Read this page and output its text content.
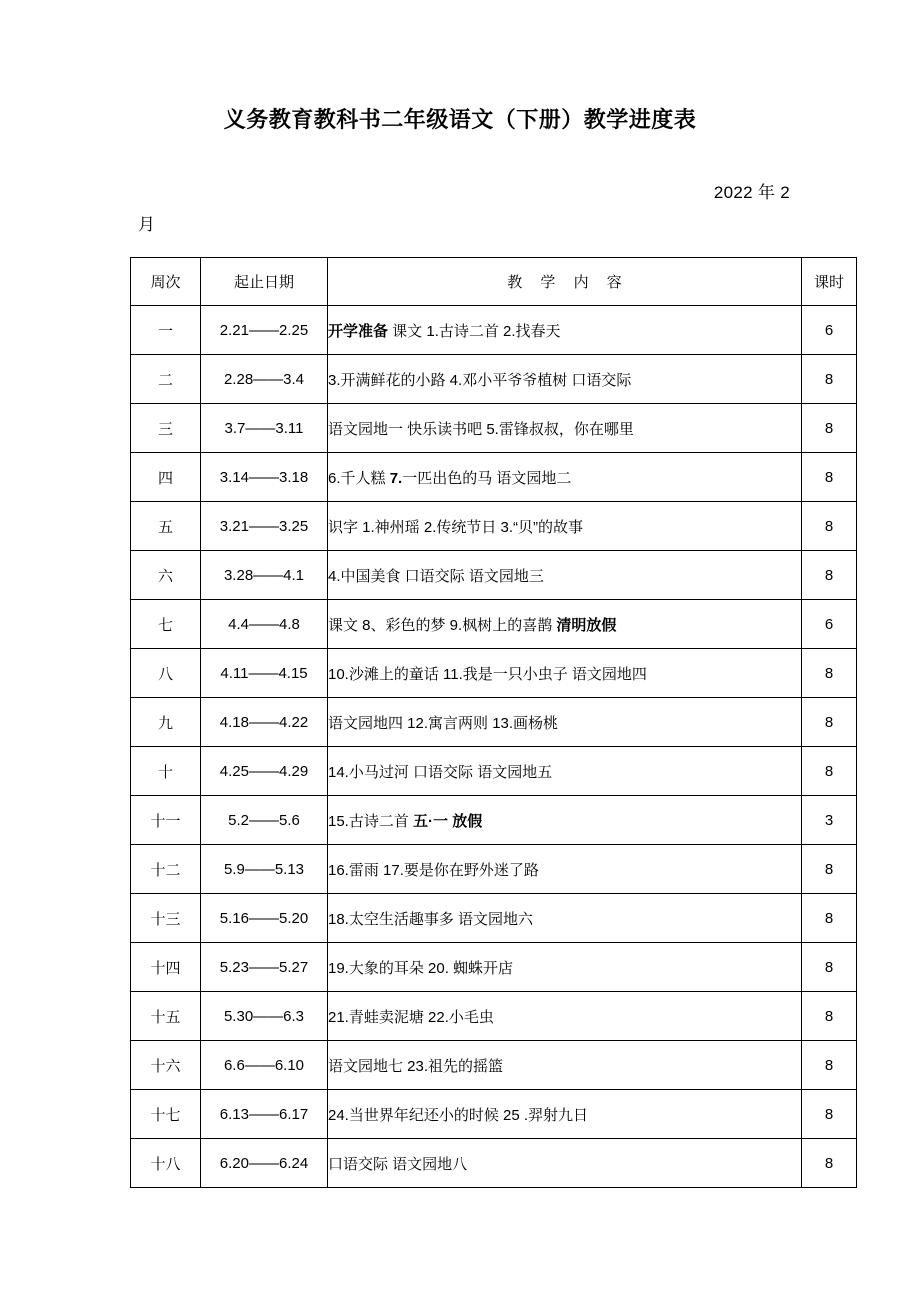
义务教育教科书二年级语文（下册）教学进度表
2022 年 2
月
周次	起止日期	教 学 内 容	课时
一	2.21——2.25	开学准备 课文 1.古诗二首 2.找春天	6
二	2.28——3.4	3.开满鲜花的小路 4.邓小平爷爷植树 口语交际	8
三	3.7——3.11	语文园地一 快乐读书吧 5.雷锋叔叔，你在哪里	8
四	3.14——3.18	6.千人糕 7.一匹出色的马 语文园地二	8
五	3.21——3.25	识字 1.神州瑶 2.传统节日 3.“贝”的故事	8
六	3.28——4.1	4.中国美食 口语交际 语文园地三	8
七	4.4——4.8	课文 8、彩色的梦 9.枫树上的喜鹊 清明放假	6
八	4.11——4.15	10.沙滩上的童话 11.我是一只小虫子 语文园地四	8
九	4.18——4.22	语文园地四 12.寓言两则 13.画杨桃	8
十	4.25——4.29	14.小马过河 口语交际 语文园地五	8
十一	5.2——5.6	15.古诗二首 五·一 放假	3
十二	5.9——5.13	16.雷雨 17.要是你在野外迷了路	8
十三	5.16——5.20	18.太空生活趣事多 语文园地六	8
十四	5.23——5.27	19.大象的耳朵 20. 蜘蛛开店	8
十五	5.30——6.3	21.青蛙卖泥塘 22.小毛虫	8
十六	6.6——6.10	语文园地七 23.祖先的摇篮	8
十七	6.13——6.17	24.当世界年纪还小的时候 25 .羿射九日	8
十八	6.20——6.24	口语交际 语文园地八	8
